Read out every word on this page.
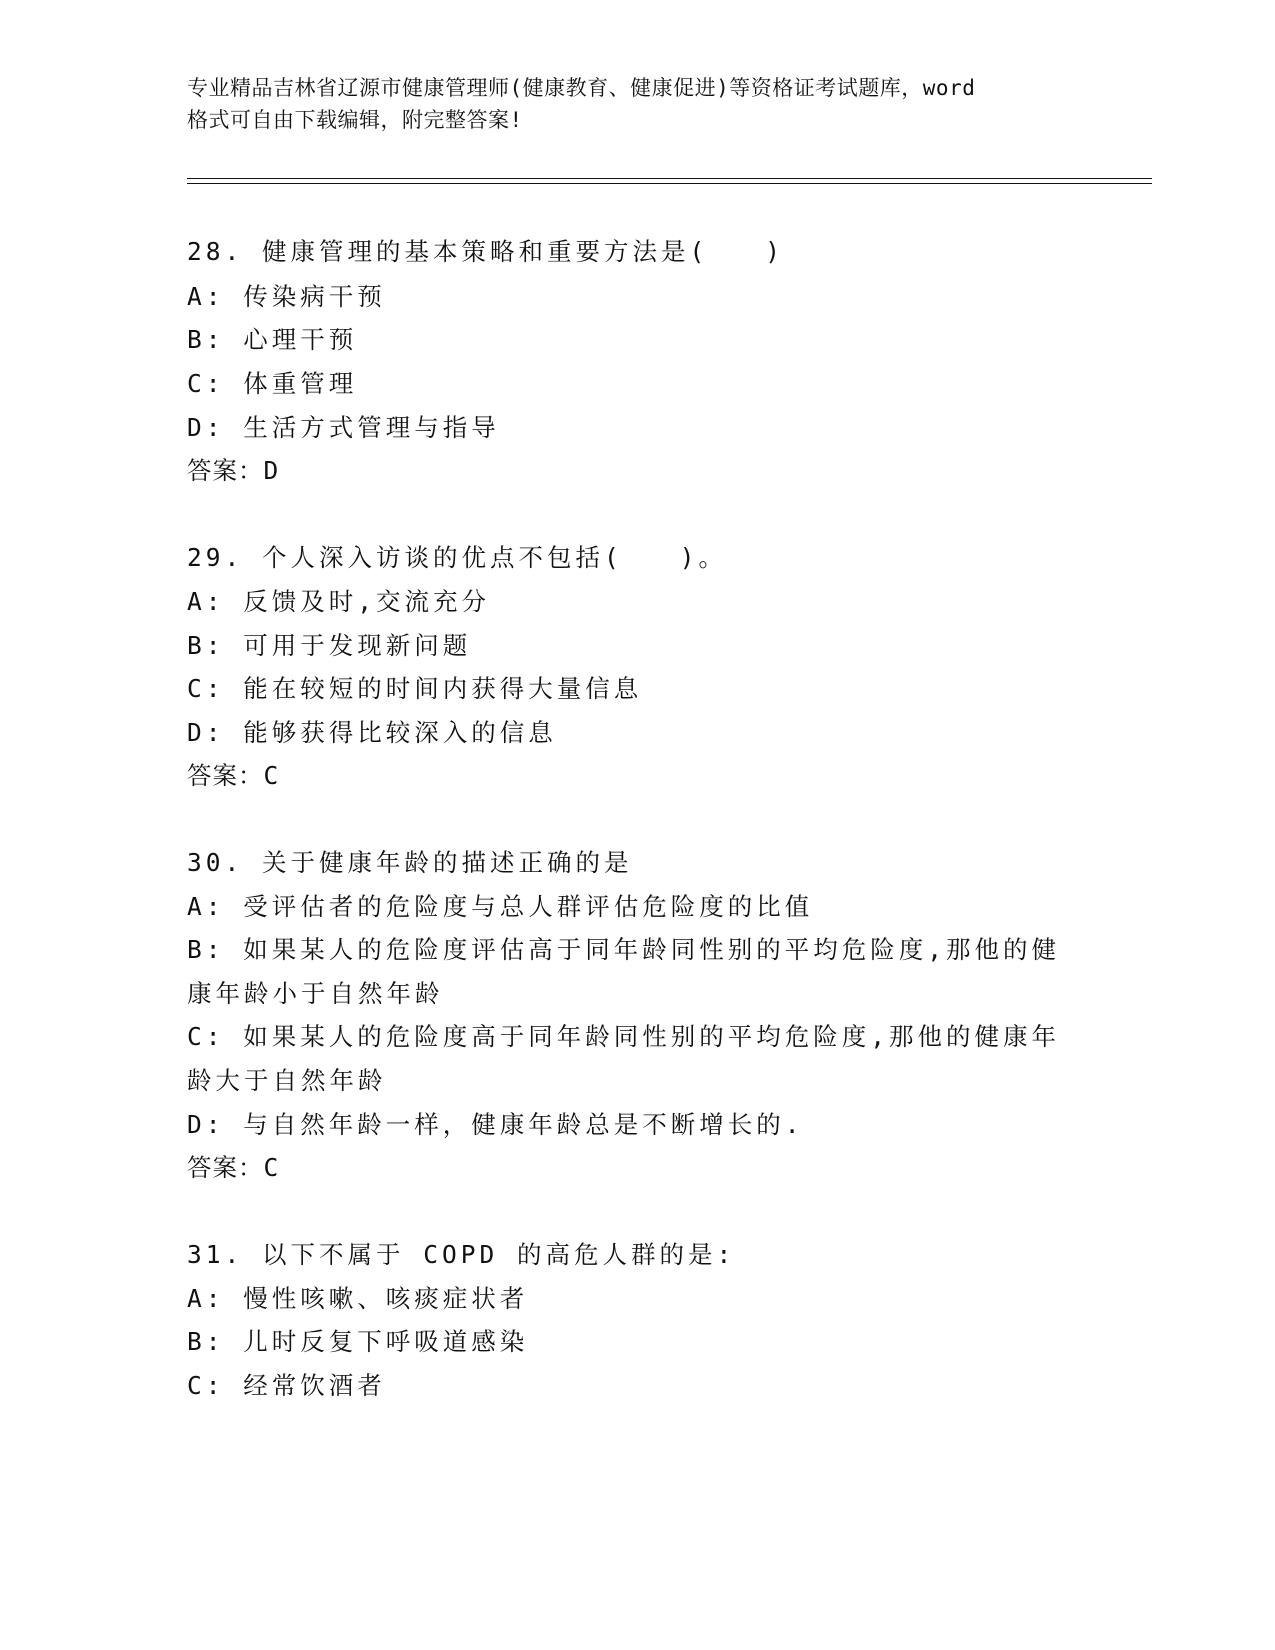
专业精品吉林省辽源市健康管理师(健康教育、健康促进)等资格证考试题库，word
格式可自由下载编辑，附完整答案!
28. 健康管理的基本策略和重要方法是(　　)
A: 传染病干预
B: 心理干预
C: 体重管理
D: 生活方式管理与指导
答案：D
29. 个人深入访谈的优点不包括(　　)。
A: 反馈及时,交流充分
B: 可用于发现新问题
C: 能在较短的时间内获得大量信息
D: 能够获得比较深入的信息
答案：C
30. 关于健康年龄的描述正确的是
A: 受评估者的危险度与总人群评估危险度的比值
B: 如果某人的危险度评估高于同年龄同性别的平均危险度,那他的健
康年龄小于自然年龄
C: 如果某人的危险度高于同年龄同性别的平均危险度,那他的健康年
龄大于自然年龄
D: 与自然年龄一样，健康年龄总是不断增长的.
答案：C
31. 以下不属于 COPD 的高危人群的是:
A: 慢性咳嗽、咳痰症状者
B: 儿时反复下呼吸道感染
C: 经常饮酒者
